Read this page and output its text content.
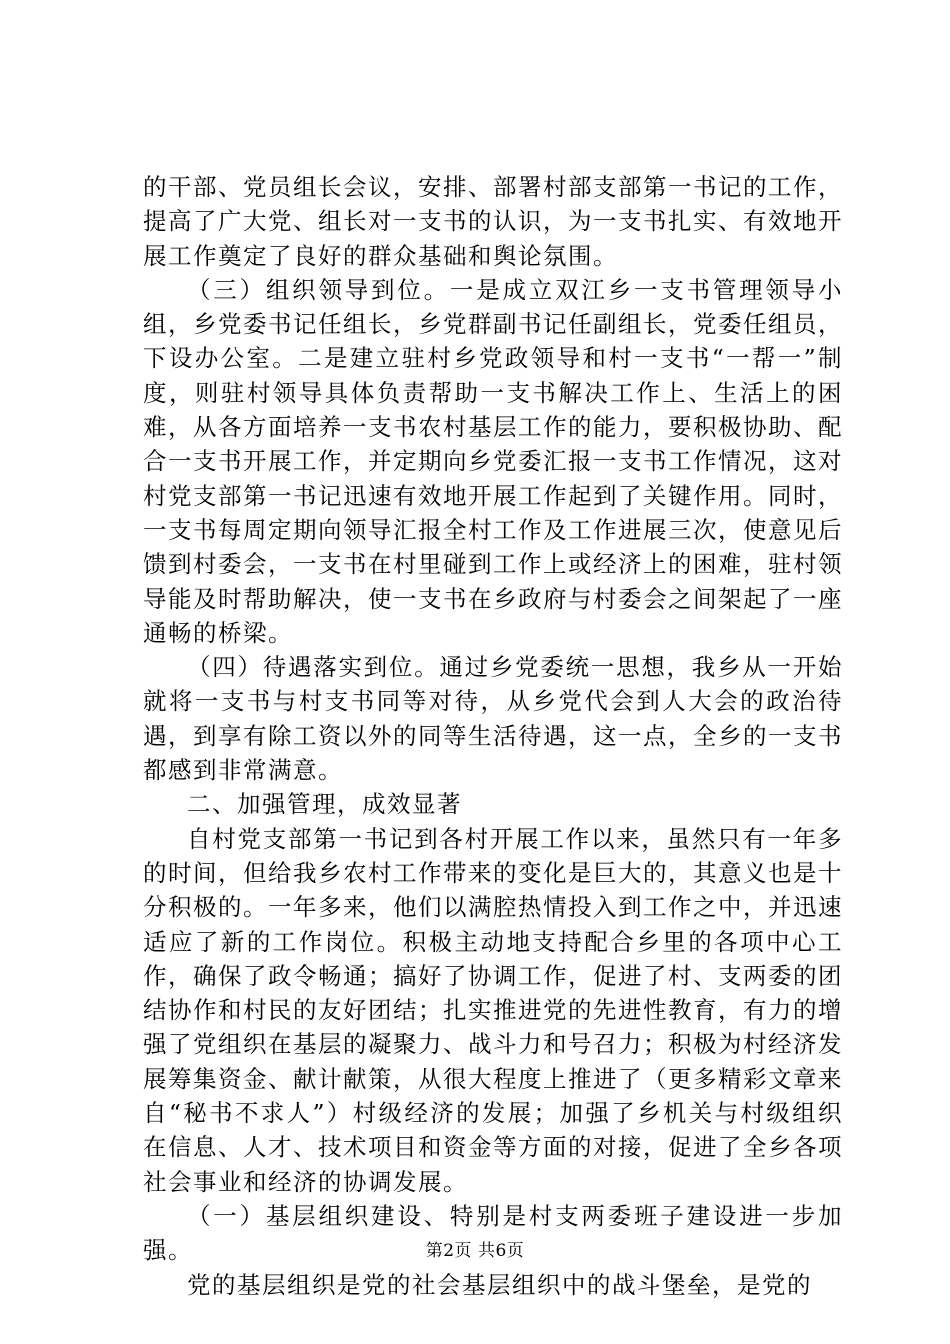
的干部、党员组长会议，安排、部署村部支部第一书记的工作，提高了广大党、组长对一支书的认识，为一支书扎实、有效地开展工作奠定了良好的群众基础和舆论氛围。

（三）组织领导到位。一是成立双江乡一支书管理领导小组，乡党委书记任组长，乡党群副书记任副组长，党委任组员，下设办公室。二是建立驻村乡党政领导和村一支书“一帮一”制度，则驻村领导具体负责帮助一支书解决工作上、生活上的困难，从各方面培养一支书农村基层工作的能力，要积极协助、配合一支书开展工作，并定期向乡党委汇报一支书工作情况，这对村党支部第一书记迅速有效地开展工作起到了关键作用。同时，一支书每周定期向领导汇报全村工作及工作进展三次，使意见后馈到村委会，一支书在村里碰到工作上或经济上的困难，驻村领导能及时帮助解决，使一支书在乡政府与村委会之间架起了一座通畅的桥梁。

（四）待遇落实到位。通过乡党委统一思想，我乡从一开始就将一支书与村支书同等对待，从乡党代会到人大会的政治待遇，到享有除工资以外的同等生活待遇，这一点，全乡的一支书都感到非常满意。

二、加强管理，成效显著

自村党支部第一书记到各村开展工作以来，虽然只有一年多的时间，但给我乡农村工作带来的变化是巨大的，其意义也是十分积极的。一年多来，他们以满腔热情投入到工作之中，并迅速适应了新的工作岗位。积极主动地支持配合乡里的各项中心工作，确保了政令畅通；搞好了协调工作，促进了村、支两委的团结协作和村民的友好团结；扎实推进党的先进性教育，有力的增强了党组织在基层的凝聚力、战斗力和号召力；积极为村经济发展筹集资金、献计献策，从很大程度上推进了（更多精彩文章来自“秘书不求人”）村级经济的发展；加强了乡机关与村级组织在信息、人才、技术项目和资金等方面的对接，促进了全乡各项社会事业和经济的协调发展。

（一）基层组织建设、特别是村支两委班子建设进一步加强。

党的基层组织是党的社会基层组织中的战斗堡垒，是党的

第2页 共6页
